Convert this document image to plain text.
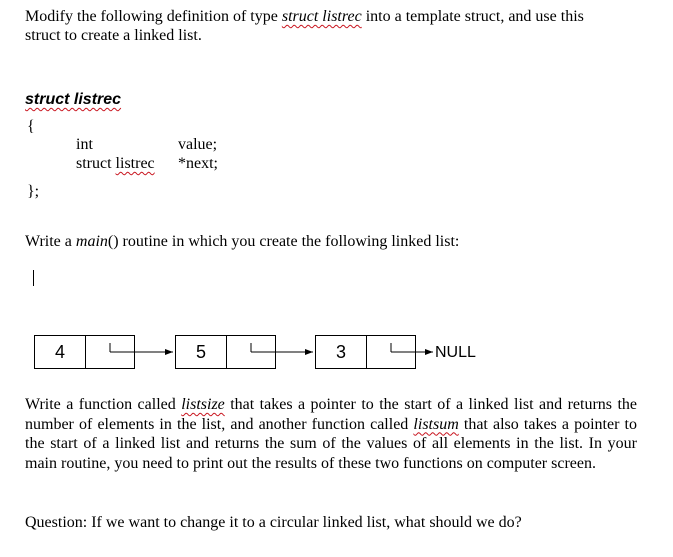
Modify the following definition of type struct listrec into a template struct, and use this
struct to create a linked list.
struct listrec
{
int	value;
struct listrec *next;
};
Write a main() routine in which you create the following linked list:
4	5	3	NULL
Write a function called listsize that takes a pointer to the start of a linked list and returns the number of elements in the list, and another function called listsum that also takes a pointer to the start of a linked list and returns the sum of the values of all elements in the list. In your main routine, you need to print out the results of these two functions on computer screen.
Question: If we want to change it to a circular linked list, what should we do?
